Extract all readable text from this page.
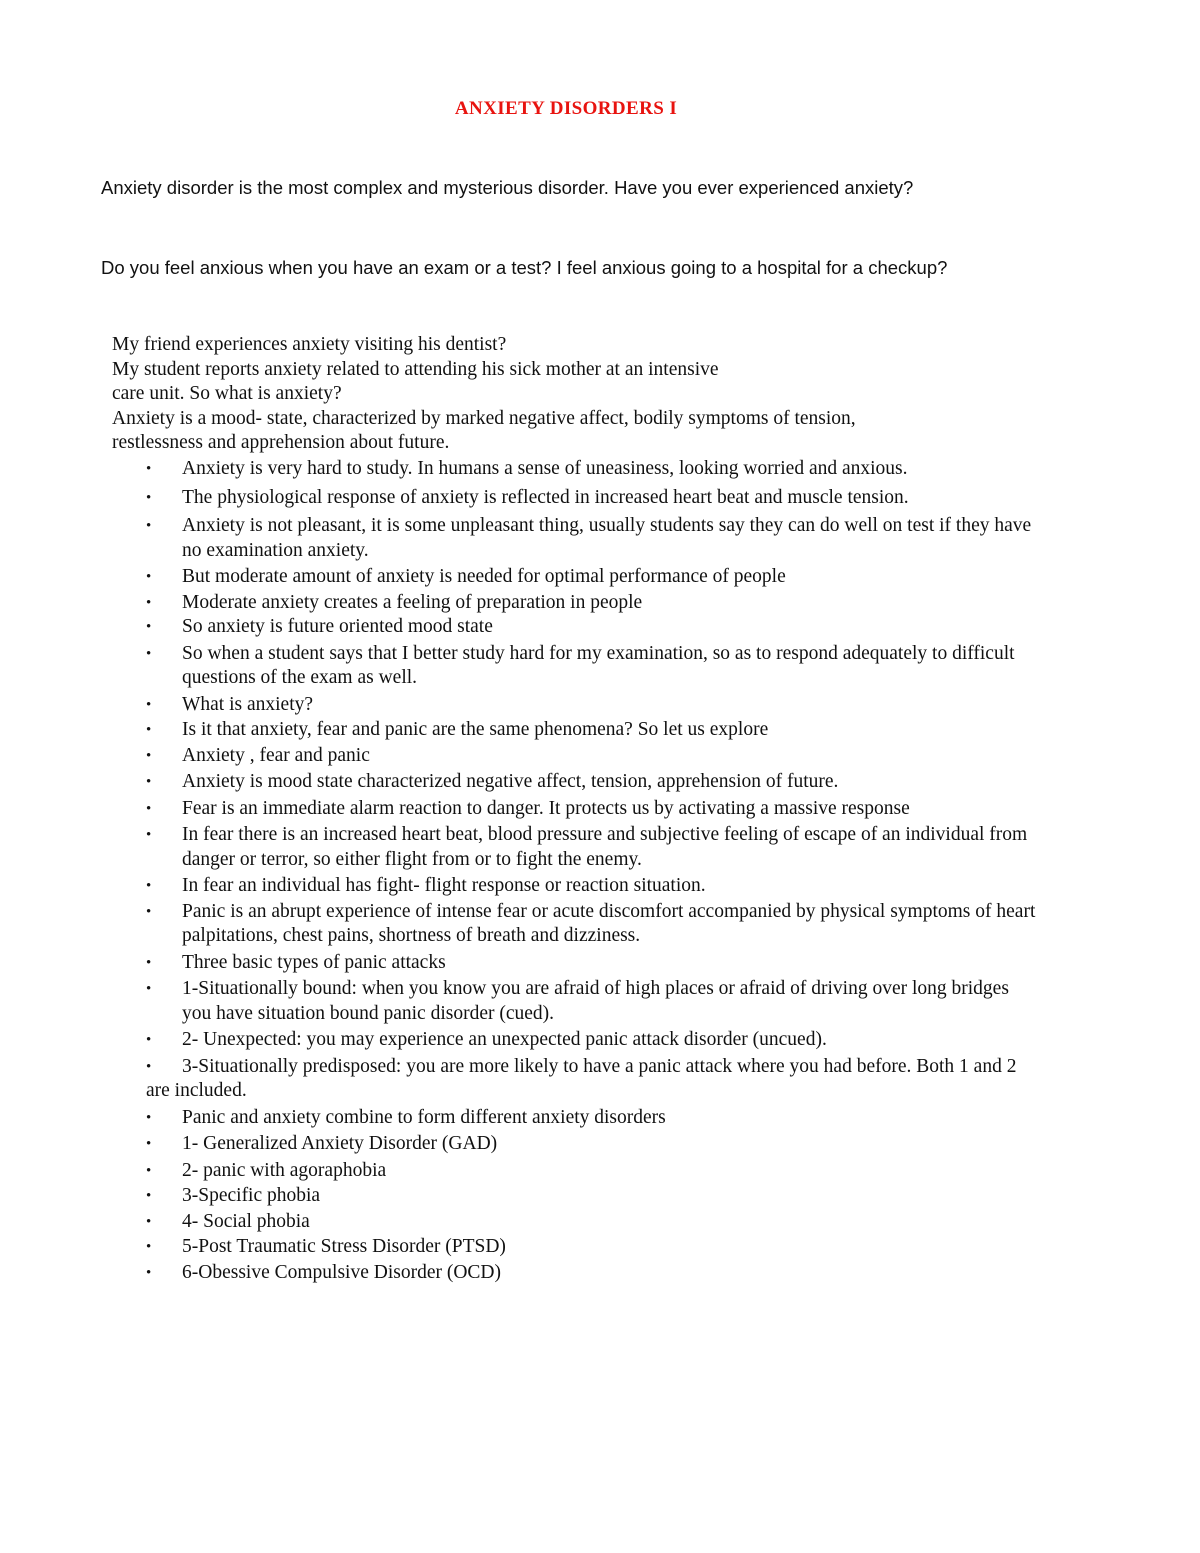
ANXIETY DISORDERS I

Anxiety disorder is the most complex and mysterious disorder. Have you ever experienced anxiety?

Do you feel anxious when you have an exam or a test? I feel anxious going to a hospital for a checkup?

My friend experiences anxiety visiting his dentist?
My student reports anxiety related to attending his sick mother at an intensive
care unit. So what is anxiety?
Anxiety is a mood- state, characterized by marked negative affect, bodily symptoms of tension,
restlessness and apprehension about future.
•	Anxiety is very hard to study. In humans a sense of uneasiness, looking worried and anxious.
•	The physiological response of anxiety is reflected in increased heart beat and muscle tension.
•	Anxiety is not pleasant, it is some unpleasant thing, usually students say they can do well on test if they have no examination anxiety.
•	But moderate amount of anxiety is needed for optimal performance of people
•	Moderate anxiety creates a feeling of preparation in people
•	So anxiety is future oriented mood state
•	So when a student says that I better study hard for my examination, so as to respond adequately to difficult questions of the exam as well.
•	What is anxiety?
•	Is it that anxiety, fear and panic are the same phenomena? So let us explore
•	Anxiety , fear and panic
•	Anxiety is mood state characterized negative affect, tension, apprehension of future.
•	Fear is an immediate alarm reaction to danger. It protects us by activating a massive response
•	In fear there is an increased heart beat, blood pressure and subjective feeling of escape of an individual from danger or terror, so either flight from or to fight the enemy.
•	In fear an individual has fight- flight response or reaction situation.
•	Panic is an abrupt experience of intense fear or acute discomfort accompanied by physical symptoms of heart palpitations, chest pains, shortness of breath and dizziness.
•	Three basic types of panic attacks
•	1-Situationally bound: when you know you are afraid of high places or afraid of driving over long bridges you have situation bound panic disorder (cued).
•	2- Unexpected: you may experience an unexpected panic attack disorder (uncued).
•	3-Situationally predisposed: you are more likely to have a panic attack where you had before. Both 1 and 2 are included.
•	Panic and anxiety combine to form different anxiety disorders
•	1- Generalized Anxiety Disorder (GAD)
•	2- panic with agoraphobia
•	3-Specific phobia
•	4- Social phobia
•	5-Post Traumatic Stress Disorder (PTSD)
•	6-Obessive Compulsive Disorder (OCD)
